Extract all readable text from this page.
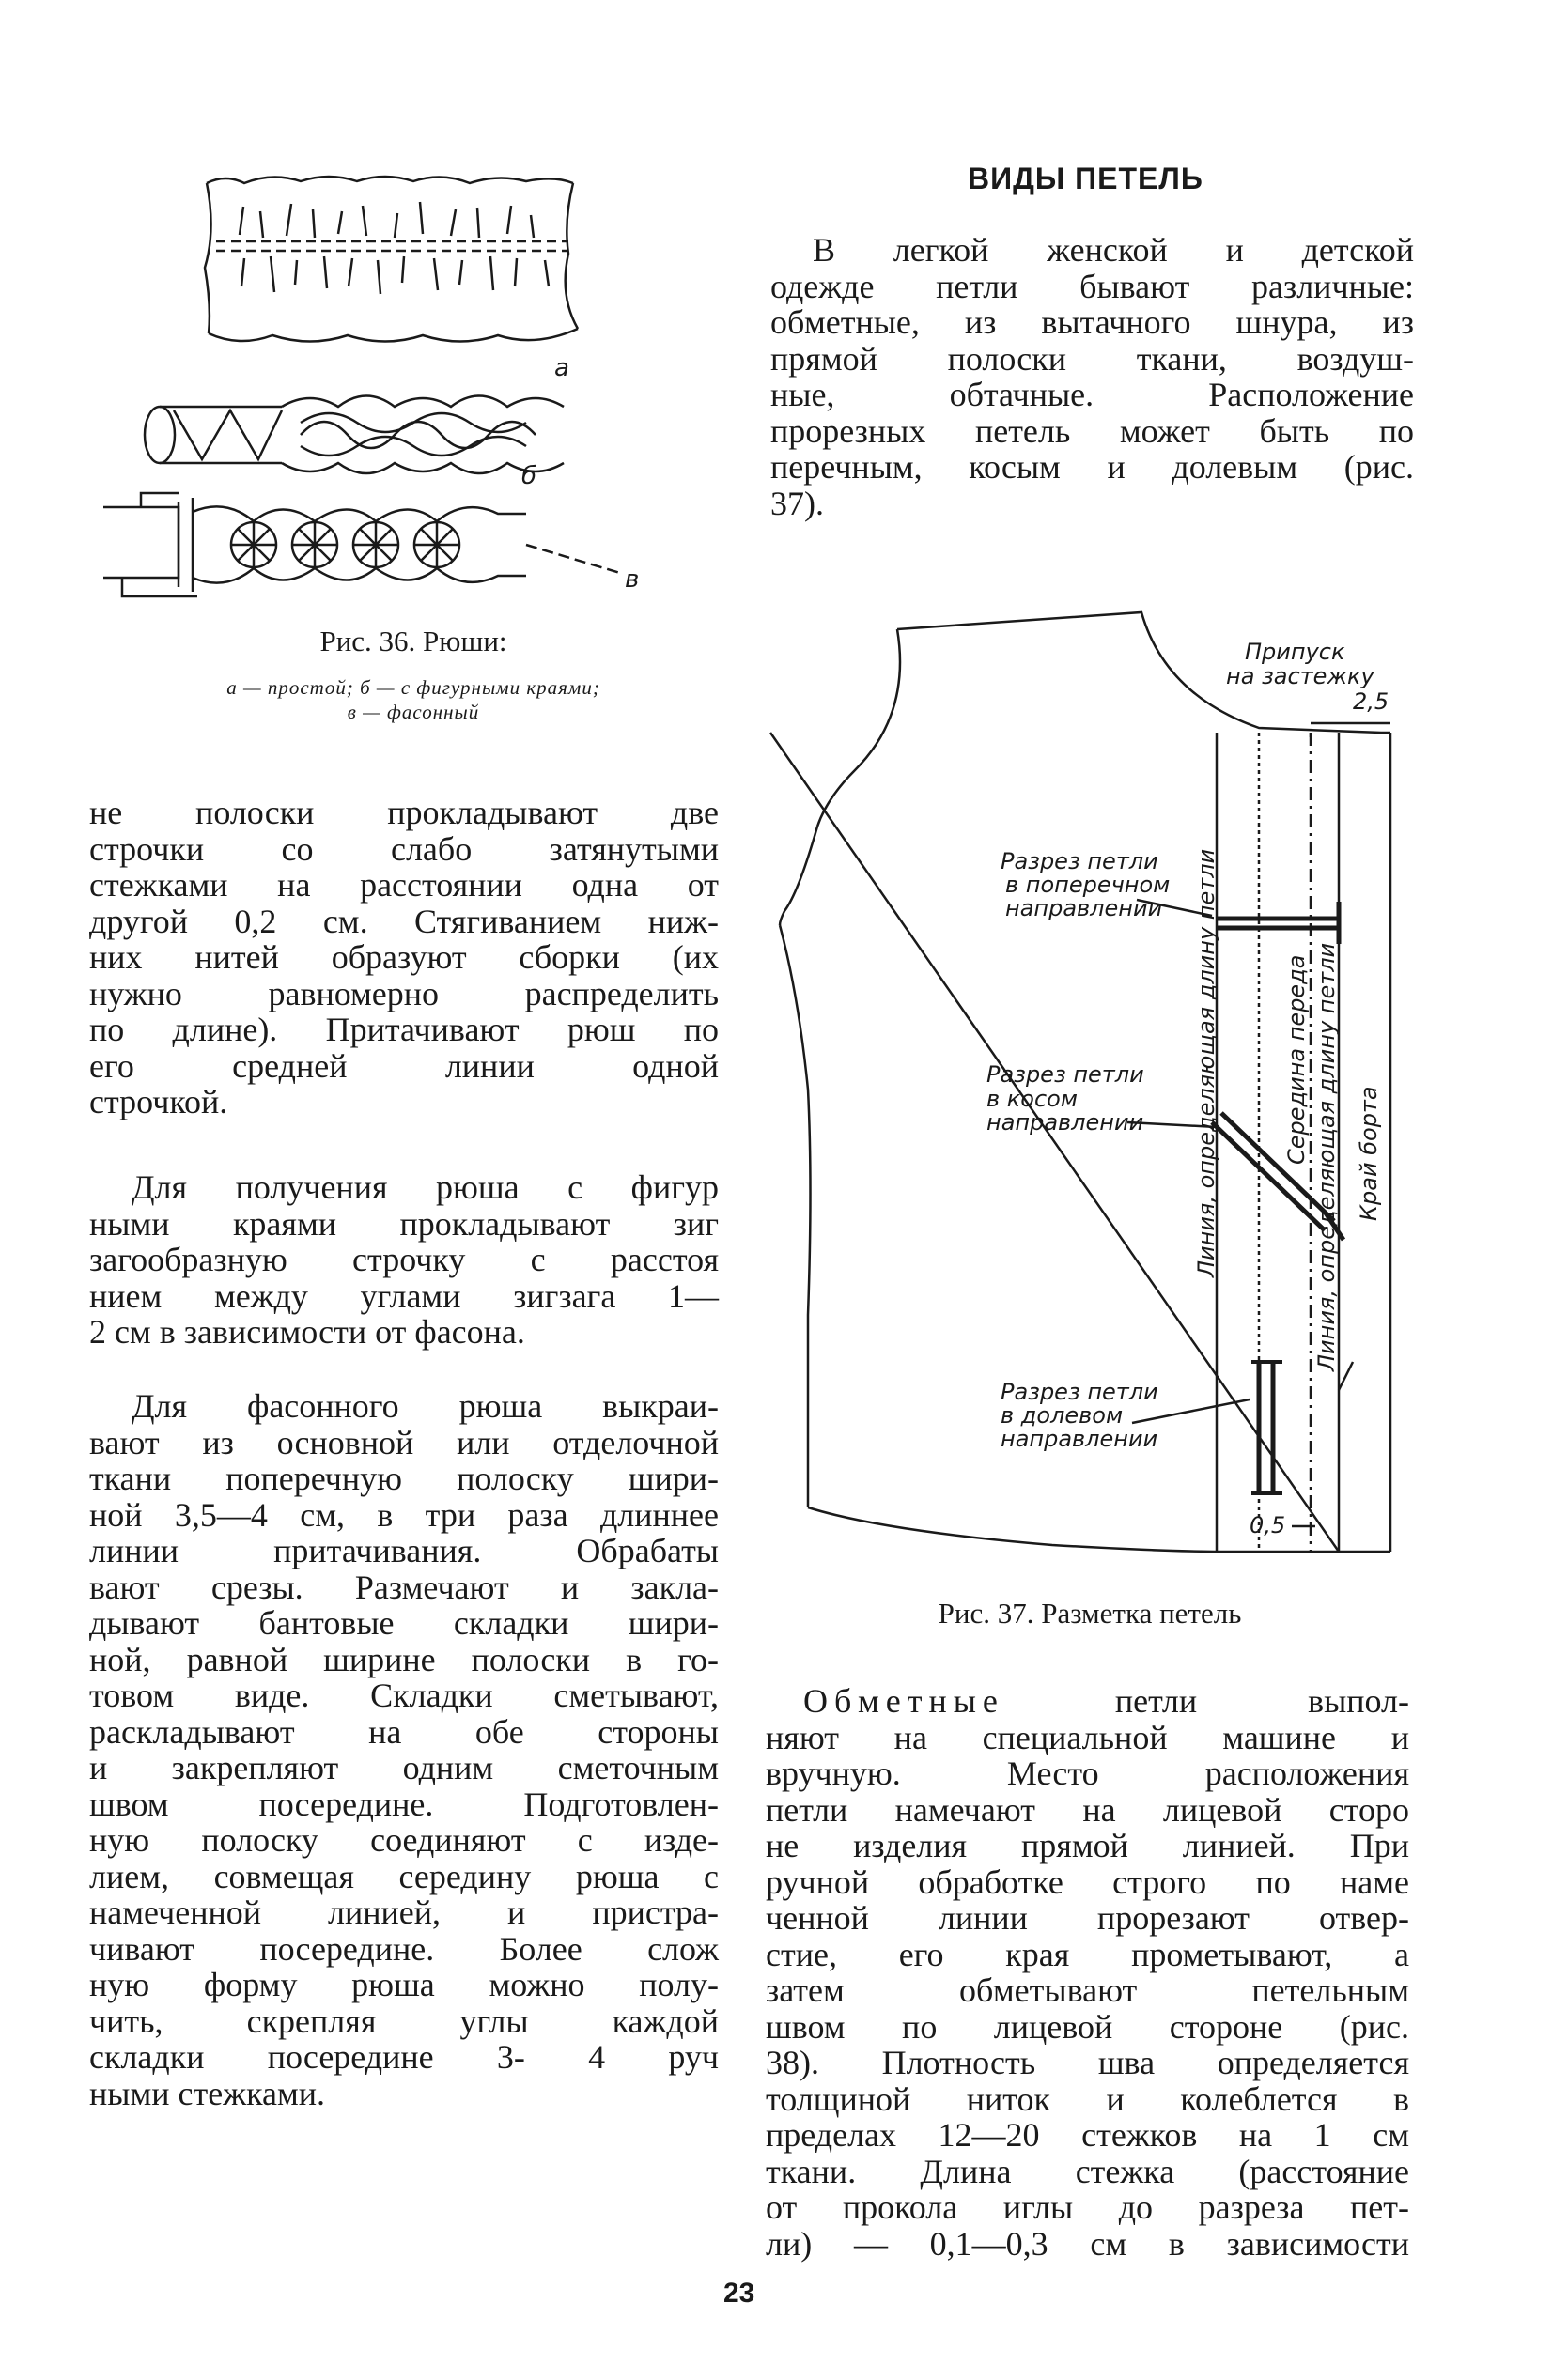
а
б
в
Рис. 36. Рюши:
а — простой; б — с фигурными краями;
в — фасонный
ВИДЫ ПЕТЕЛЬ
В легкой женской и детской
одежде петли бывают различные:
обметные, из вытачного шнура, из
прямой полоски ткани, воздуш-
ные, обтачные. Расположение
прорезных петель может быть по
перечным, косым и долевым (рис.
37).
Припуск
на застежку
2,5
Разрез петли
в поперечном
направлении
Разрез петли
в косом
направлении
Разрез петли
в долевом
направлении
0,5
Линия, определяющая длину петли	Середина переда Линия, определяющая длину петли Край борта
Рис. 37. Разметка петель
не полоски прокладывают две
строчки со слабо затянутыми
стежками на расстоянии одна от
другой 0,2 см. Стягиванием ниж-
них нитей образуют сборки (их
нужно равномерно распределить
по длине). Притачивают рюш по
его средней линии одной
строчкой.
Для получения рюша с фигур
ными краями прокладывают зиг
загообразную строчку с расстоя
нием между углами зигзага 1—
2 см в зависимости от фасона.
Для фасонного рюша выкраи-
вают из основной или отделочной
ткани поперечную полоску шири-
ной 3,5—4 см, в три раза длиннее
линии притачивания. Обрабаты
вают срезы. Размечают и закла-
дывают бантовые складки шири-
ной, равной ширине полоски в го-
товом виде. Складки сметывают,
раскладывают на обе стороны
и закрепляют одним сметочным
швом посередине. Подготовлен-
ную полоску соединяют с изде-
лием, совмещая середину рюша с
намеченной линией, и пристра-
чивают посередине. Более слож
ную форму рюша можно полу-
чить, скрепляя углы каждой
складки посередине 3- 4 руч
ными стежками.
Обметные	петли выпол-
няют на специальной машине и
вручную. Место расположения
петли намечают на лицевой сторо
не изделия прямой линией. При
ручной обработке строго по наме
ченной линии прорезают отвер-
стие, его края прометывают, а
затем обметывают петельным
швом по лицевой стороне (рис.
38). Плотность шва определяется
толщиной ниток и колеблется в
пределах 12—20 стежков на 1 см
ткани. Длина стежка (расстояние
от прокола иглы до разреза пет-
ли) — 0,1—0,3 см в зависимости
23
